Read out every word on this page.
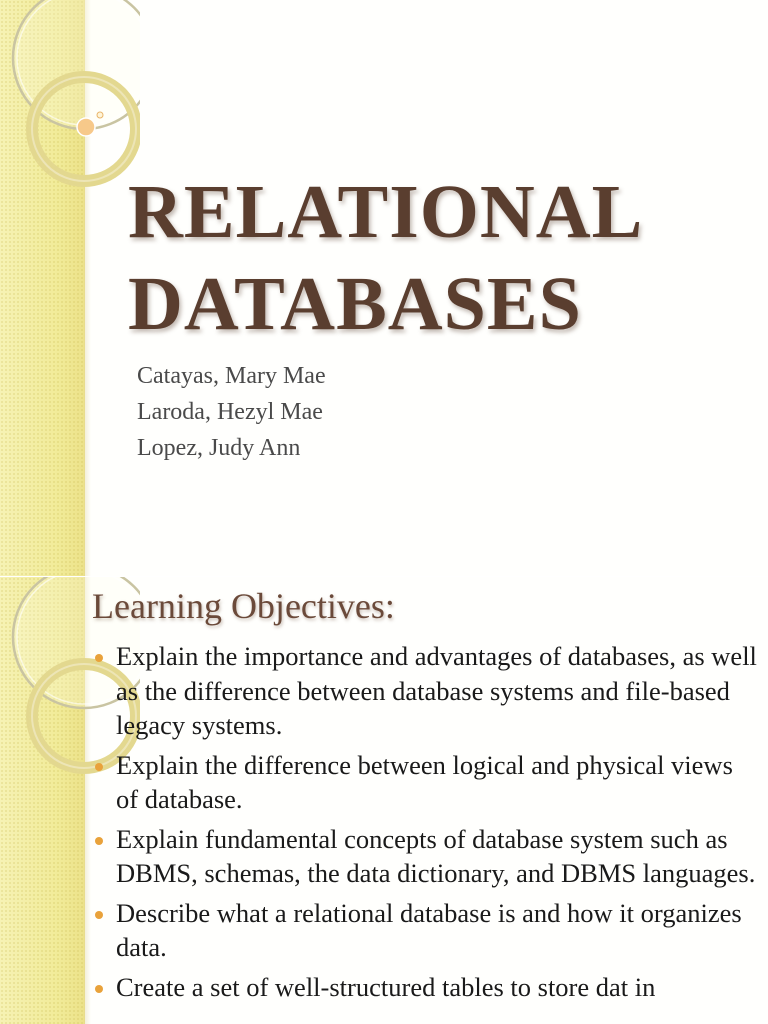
RELATIONAL
DATABASES
Catayas, Mary Mae
Laroda, Hezyl Mae
Lopez, Judy Ann
Learning Objectives:
Explain the importance and advantages of databases, as well as the difference between database systems and file-based legacy systems.
Explain the difference between logical and physical views of database.
Explain fundamental concepts of database system such as DBMS, schemas, the data dictionary, and DBMS languages.
Describe what a relational database is and how it organizes data.
Create a set of well-structured tables to store dat in
